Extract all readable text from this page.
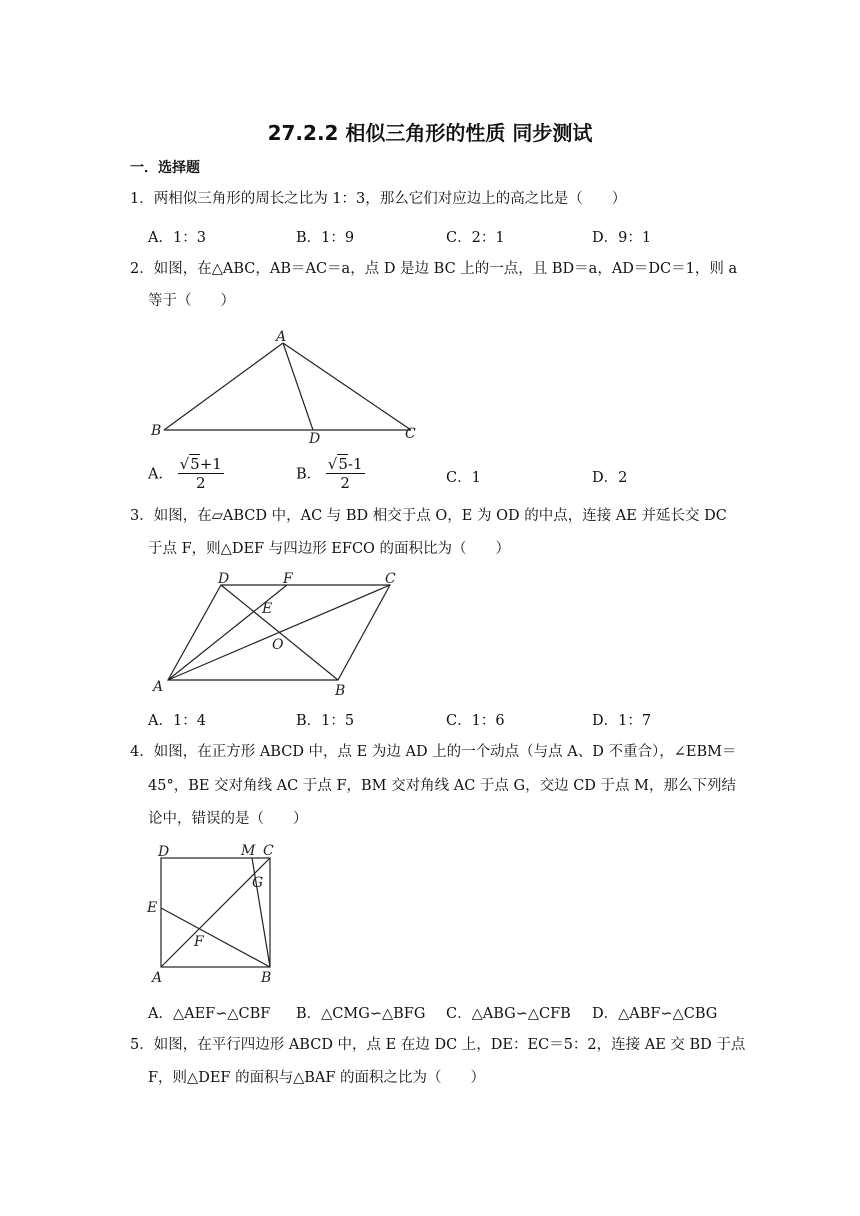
27.2.2 相似三角形的性质 同步测试
一．选择题
1．两相似三角形的周长之比为 1：3，那么它们对应边上的高之比是（　　）
A．1：3	B．1：9	C．2：1	D．9：1
2．如图，在△ABC，AB＝AC＝a，点 D 是边 BC 上的一点，且 BD＝a，AD＝DC＝1，则 a
等于（　　）
A
B	D	C
A． $\frac{√5+1}{2}$	B． $\frac{√5-1}{2}$	C．1	D．2
3．如图，在▱ABCD 中，AC 与 BD 相交于点 O，E 为 OD 的中点，连接 AE 并延长交 DC
于点 F，则△DEF 与四边形 EFCO 的面积比为（　　）
D	F	C
E
O
A	B
A．1：4	B．1：5	C．1：6	D．1：7
4．如图，在正方形 ABCD 中，点 E 为边 AD 上的一个动点（与点 A、D 不重合），∠EBM＝
45°，BE 交对角线 AC 于点 F，BM 交对角线 AC 于点 G，交边 CD 于点 M，那么下列结
论中，错误的是（　　）
D	M C
G
E
F
A	B
A．△AEF∽△CBF B．△CMG∽△BFG C．△ABG∽△CFB D．△ABF∽△CBG
5．如图，在平行四边形 ABCD 中，点 E 在边 DC 上，DE：EC＝5：2，连接 AE 交 BD 于点
F，则△DEF 的面积与△BAF 的面积之比为（　　）
